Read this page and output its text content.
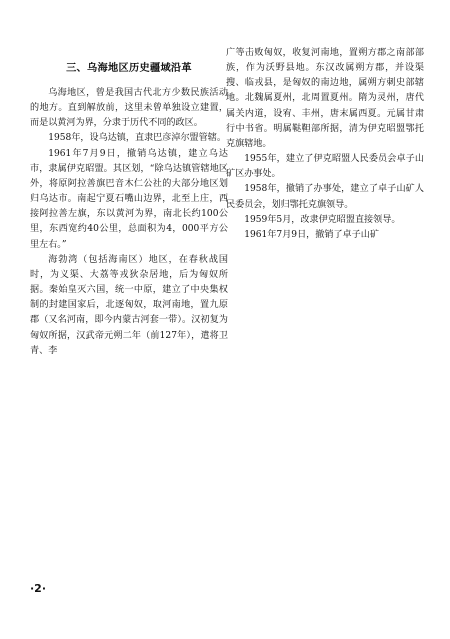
三、乌海地区历史疆域沿革
乌海地区，曾是我国古代北方少数民族活动的地方。直到解放前，这里未曾单独设立建置，而是以黄河为界，分隶于历代不同的政区。
1958年，设乌达镇，直隶巴彦淖尔盟管辖。
1961年7月9日，撤销乌达镇，建立乌达市，隶属伊克昭盟。其区划，“除乌达镇管辖地区外，将原阿拉善旗巴音木仁公社的大部分地区划归乌达市。南起宁夏石嘴山边界，北至上庄，西接阿拉善左旗，东以黄河为界，南北长约100公里，东西宽约40公里，总面积为4，000平方公里左右。”
海勃湾（包括海南区）地区，在春秋战国时，为义渠、大荔等戎狄杂居地，后为匈奴所据。秦始皇灭六国，统一中原，建立了中央集权制的封建国家后，北逐匈奴，取河南地，置九原郡（又名河南，即今内蒙古河套一带）。汉初复为匈奴所据，汉武帝元朔二年（前127年），遣将卫青、李
广等击败匈奴，收复河南地，置朔方郡之南部部族，作为沃野县地。东汉改属朔方郡，并设渠搜、临戎县，是匈奴的南边地，属朔方刺史部辖地。北魏属夏州，北周置夏州。隋为灵州，唐代属关内道，设宥、丰州，唐末属西夏。元属甘肃行中书省。明属鞑靼部所据，清为伊克昭盟鄂托克旗辖地。
1955年，建立了伊克昭盟人民委员会卓子山矿区办事处。
1958年，撤销了办事处，建立了卓子山矿人民委员会，划归鄂托克旗领导。
1959年5月，改隶伊克昭盟直接领导。
1961年7月9日，撤销了卓子山矿
·2·
